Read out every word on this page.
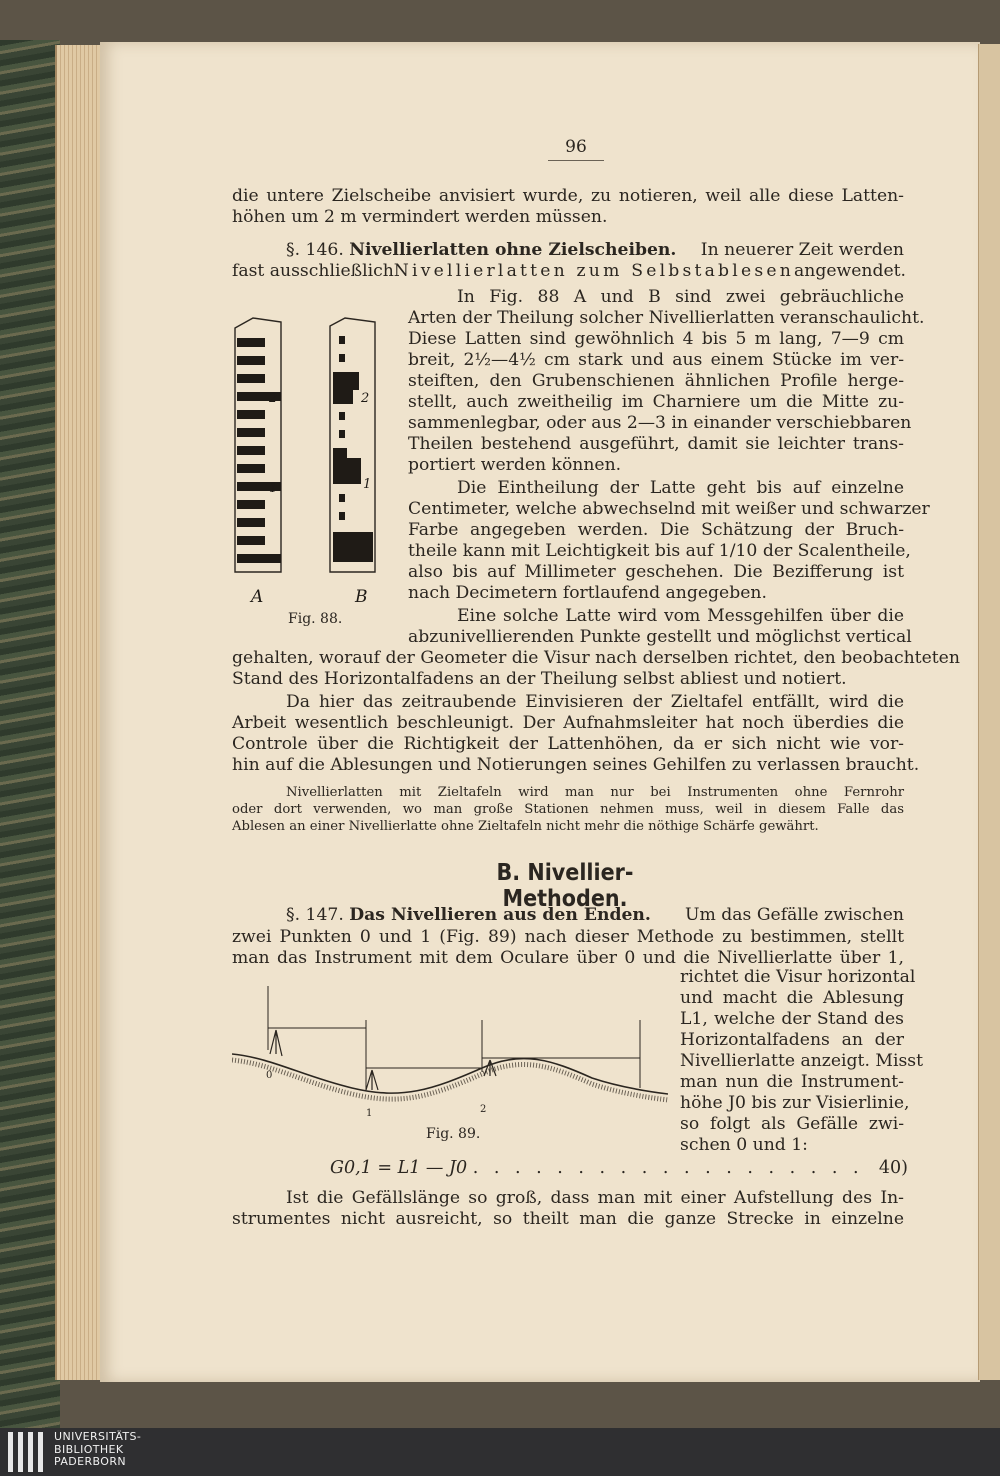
96
die untere Zielscheibe anvisiert wurde, zu notieren, weil alle diese Latten-
höhen um 2 m vermindert werden müssen.
§. 146. Nivellierlatten ohne Zielscheiben. In neuerer Zeit werden
fast ausschließlich Nivellierlatten zum Selbstablesen angewendet.
In Fig. 88 A und B sind zwei gebräuchliche
Arten der Theilung solcher Nivellierlatten veranschaulicht.
Diese Latten sind gewöhnlich 4 bis 5 m lang, 7—9 cm
breit, 2½—4½ cm stark und aus einem Stücke im ver-
steiften, den Grubenschienen ähnlichen Profile herge-
stellt, auch zweitheilig im Charniere um die Mitte zu-
sammenlegbar, oder aus 2—3 in einander verschiebbaren
Theilen bestehend ausgeführt, damit sie leichter trans-
portiert werden können.
Die Eintheilung der Latte geht bis auf einzelne
Centimeter, welche abwechselnd mit weißer und schwarzer
Farbe angegeben werden. Die Schätzung der Bruch-
theile kann mit Leichtigkeit bis auf 1/10 der Scalentheile,
also bis auf Millimeter geschehen. Die Bezifferung ist
nach Decimetern fortlaufend angegeben.
Eine solche Latte wird vom Messgehilfen über die
abzunivellierenden Punkte gestellt und möglichst vertical
gehalten, worauf der Geometer die Visur nach derselben richtet, den beobachteten
Stand des Horizontalfadens an der Theilung selbst abliest und notiert.
Da hier das zeitraubende Einvisieren der Zieltafel entfällt, wird die
Arbeit wesentlich beschleunigt. Der Aufnahmsleiter hat noch überdies die
Controle über die Richtigkeit der Lattenhöhen, da er sich nicht wie vor-
hin auf die Ablesungen und Notierungen seines Gehilfen zu verlassen braucht.
Nivellierlatten mit Zieltafeln wird man nur bei Instrumenten ohne Fernrohr
oder dort verwenden, wo man große Stationen nehmen muss, weil in diesem Falle das
Ablesen an einer Nivellierlatte ohne Zieltafeln nicht mehr die nöthige Schärfe gewährt.
2
1
2
1
A	B
Fig. 88.
B. Nivellier-Methoden.
§. 147. Das Nivellieren aus den Enden. Um das Gefälle zwischen
zwei Punkten 0 und 1 (Fig. 89) nach dieser Methode zu bestimmen, stellt
man das Instrument mit dem Oculare über 0 und die Nivellierlatte über 1,
richtet die Visur horizontal
und macht die Ablesung
L1, welche der Stand des
Horizontalfadens an der
Nivellierlatte anzeigt. Misst
man nun die Instrument-
höhe J0 bis zur Visierlinie,
so folgt als Gefälle zwi-
schen 0 und 1:
0
1	2
Fig. 89.
G0,1 = L1 — J0 . . . . . . . . . . . . . . . . . . . 40)
Ist die Gefällslänge so groß, dass man mit einer Aufstellung des In-
strumentes nicht ausreicht, so theilt man die ganze Strecke in einzelne
UNIVERSITÄTS-
BIBLIOTHEK
PADERBORN
